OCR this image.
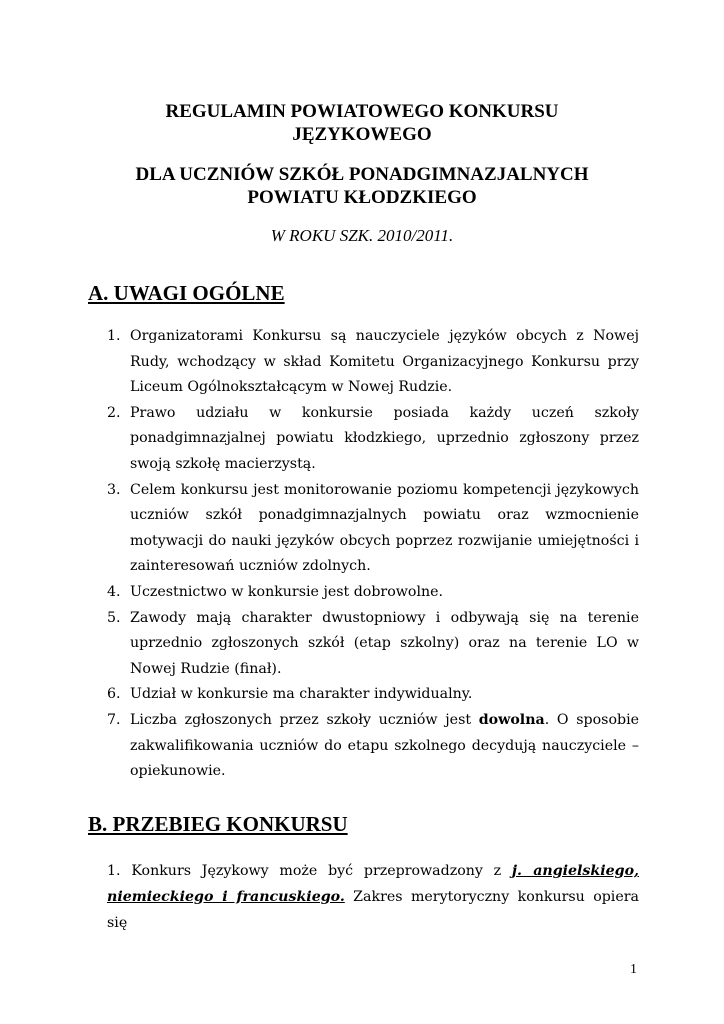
REGULAMIN POWIATOWEGO KONKURSU
JĘZYKOWEGO
DLA UCZNIÓW SZKÓŁ PONADGIMNAZJALNYCH
POWIATU KŁODZKIEGO
W ROKU SZK. 2010/2011.
A. UWAGI OGÓLNE
1. Organizatorami Konkursu są nauczyciele języków obcych z Nowej Rudy, wchodzący w skład Komitetu Organizacyjnego Konkursu przy Liceum Ogólnokształcącym w Nowej Rudzie.
2. Prawo udziału w konkursie posiada każdy uczeń szkoły ponadgimnazjalnej powiatu kłodzkiego, uprzednio zgłoszony przez swoją szkołę macierzystą.
3. Celem konkursu jest monitorowanie poziomu kompetencji językowych uczniów szkół ponadgimnazjalnych powiatu oraz wzmocnienie motywacji do nauki języków obcych poprzez rozwijanie umiejętności i zainteresowań uczniów zdolnych.
4. Uczestnictwo w konkursie jest dobrowolne.
5. Zawody mają charakter dwustopniowy i odbywają się na terenie uprzednio zgłoszonych szkół (etap szkolny) oraz na terenie LO w Nowej Rudzie (finał).
6. Udział w konkursie ma charakter indywidualny.
7. Liczba zgłoszonych przez szkoły uczniów jest dowolna. O sposobie zakwalifikowania uczniów do etapu szkolnego decydują nauczyciele – opiekunowie.
B. PRZEBIEG KONKURSU

1. Konkurs Językowy może być przeprowadzony z j. angielskiego, niemieckiego i francuskiego. Zakres merytoryczny konkursu opiera się

1
